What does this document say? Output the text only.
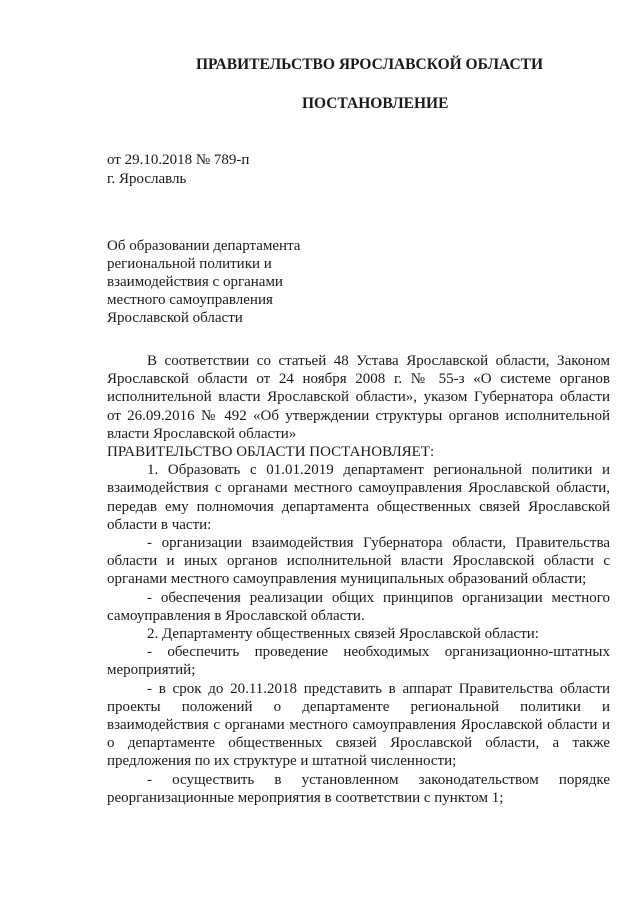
ПРАВИТЕЛЬСТВО ЯРОСЛАВСКОЙ ОБЛАСТИ
ПОСТАНОВЛЕНИЕ
от 29.10.2018 № 789-п
г. Ярославль
Об образовании департамента
региональной политики и
взаимодействия с органами
местного самоуправления
Ярославской области

В соответствии со статьей 48 Устава Ярославской области, Законом Ярославской области от 24 ноября 2008 г. № 55-з «О системе органов исполнительной власти Ярославской области», указом Губернатора области от 26.09.2016 № 492 «Об утверждении структуры органов исполнительной власти Ярославской области»

ПРАВИТЕЛЬСТВО ОБЛАСТИ ПОСТАНОВЛЯЕТ:

1. Образовать с 01.01.2019 департамент региональной политики и взаимодействия с органами местного самоуправления Ярославской области, передав ему полномочия департамента общественных связей Ярославской области в части:

- организации взаимодействия Губернатора области, Правительства области и иных органов исполнительной власти Ярославской области с органами местного самоуправления муниципальных образований области;

- обеспечения реализации общих принципов организации местного самоуправления в Ярославской области.

2. Департаменту общественных связей Ярославской области:

- обеспечить проведение необходимых организационно-штатных мероприятий;

- в срок до 20.11.2018 представить в аппарат Правительства области проекты положений о департаменте региональной политики и взаимодействия с органами местного самоуправления Ярославской области и о департаменте общественных связей Ярославской области, а также предложения по их структуре и штатной численности;

- осуществить в установленном законодательством порядке реорганизационные мероприятия в соответствии с пунктом 1;
